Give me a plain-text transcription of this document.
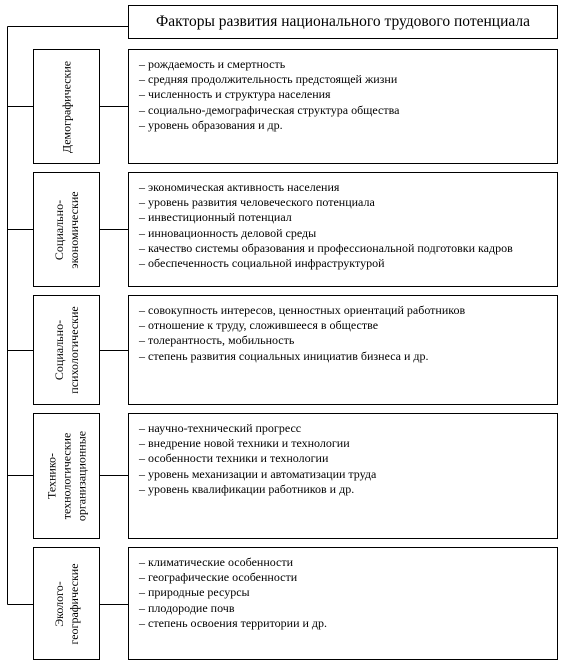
Факторы развития национального трудового потенциала
Демографические	– рождаемость и смертность
– средняя продолжительность предстоящей жизни
– численность и структура населения
– социально-демографическая структура общества
– уровень образования и др.
Социально- экономические
– экономическая активность населения
– уровень развития человеческого потенциала
– инвестиционный потенциал
– инновационность деловой среды
– качество системы образования и профессиональной подготовки кадров
– обеспеченность социальной инфраструктурой
Социально- психологические	– совокупность интересов, ценностных ориентаций работников
– отношение к труду, сложившееся в обществе
– толерантность, мобильность
– степень развития социальных инициатив бизнеса и др.
Технико- технологические организационные
– научно-технический прогресс
– внедрение новой техники и технологии
– особенности техники и технологии
– уровень механизации и автоматизации труда
– уровень квалификации работников и др.
Эколого- географические
– климатические особенности
– географические особенности
– природные ресурсы
– плодородие почв
– степень освоения территории и др.
